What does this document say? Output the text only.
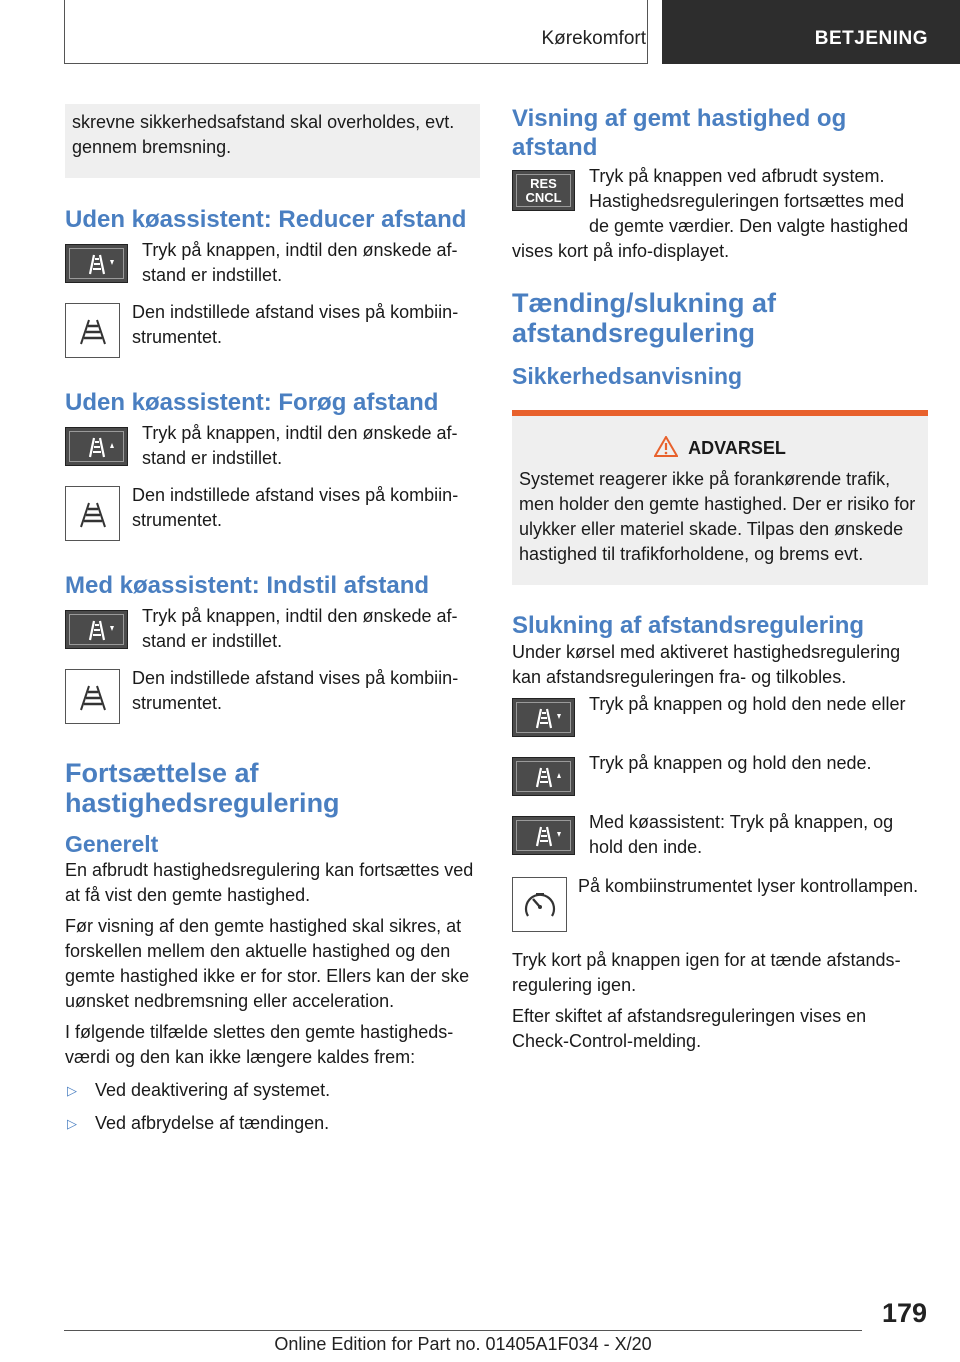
Kørekomfort	BETJENING
skrevne sikkerhedsafstand skal overholdes, evt. gennem bremsning.
Uden køassistent: Reducer afstand

Tryk på knappen, indtil den ønskede afstand er indstillet.

Den indstillede afstand vises på kombiinstrumentet.

Uden køassistent: Forøg afstand

Tryk på knappen, indtil den ønskede afstand er indstillet.

Den indstillede afstand vises på kombiinstrumentet.

Med køassistent: Indstil afstand

Tryk på knappen, indtil den ønskede afstand er indstillet.

Den indstillede afstand vises på kombiinstrumentet.

Fortsættelse af hastighedsregulering
Generelt

En afbrudt hastighedsregulering kan fortsættes ved at få vist den gemte hastighed.

Før visning af den gemte hastighed skal sikres, at forskellen mellem den aktuelle hastighed og den gemte hastighed ikke er for stor. Ellers kan der ske uønsket nedbremsning eller acceleration.

I følgende tilfælde slettes den gemte hastighedsværdi og den kan ikke længere kaldes frem:

▷	Ved deaktivering af systemet.
▷	Ved afbrydelse af tændingen.
Visning af gemt hastighed og afstand
RES
CNCL

Tryk på knappen ved afbrudt system. Hastighedsreguleringen fortsættes med de gemte værdier. Den valgte hastighed vises kort på info-displayet.

Tænding/slukning af afstandsregulering
Sikkerhedsanvisning
ADVARSEL

Systemet reagerer ikke på forankørende trafik, men holder den gemte hastighed. Der er risiko for ulykker eller materiel skade. Tilpas den ønskede hastighed til trafikforholdene, og brems evt.

Slukning af afstandsregulering

Under kørsel med aktiveret hastighedsregulering kan afstandsreguleringen fra- og tilkobles.

Tryk på knappen og hold den nede eller

Tryk på knappen og hold den nede.

Med køassistent: Tryk på knappen, og hold den inde.

På kombiinstrumentet lyser kontrollampen.

Tryk kort på knappen igen for at tænde afstandsregulering igen.

Efter skiftet af afstandsreguleringen vises en Check-Control-melding.

179
Online Edition for Part no. 01405A1F034 - X/20
